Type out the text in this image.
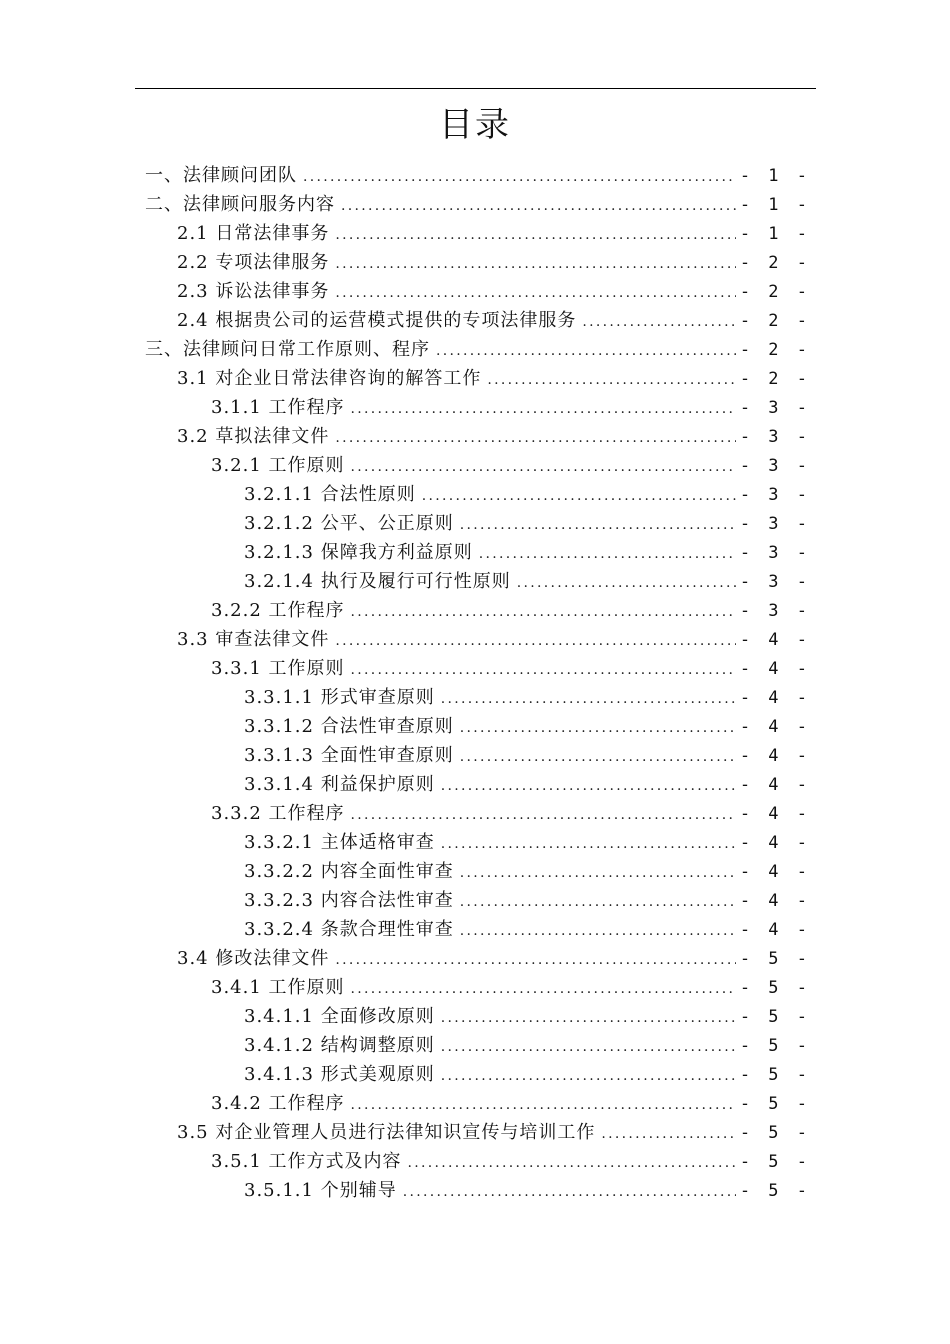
目录
一、法律顾问团队 .....	- 1 -
二、法律顾问服务内容 .....	- 1 -
2.1 日常法律事务 .....	- 1 -
2.2 专项法律服务 .....	- 2 -
2.3 诉讼法律事务 .....	- 2 -
2.4 根据贵公司的运营模式提供的专项法律服务 .....	- 2 -
三、法律顾问日常工作原则、程序 .....	- 2 -
3.1 对企业日常法律咨询的解答工作 .....	- 2 -
3.1.1 工作程序 .....	- 3 -
3.2 草拟法律文件 .....	- 3 -
3.2.1 工作原则 .....	- 3 -
3.2.1.1 合法性原则 .....	- 3 -
3.2.1.2 公平、公正原则 .....	- 3 -
3.2.1.3 保障我方利益原则 .....	- 3 -
3.2.1.4 执行及履行可行性原则 .....	- 3 -
3.2.2 工作程序 .....	- 3 -
3.3 审查法律文件 .....	- 4 -
3.3.1 工作原则 .....	- 4 -
3.3.1.1 形式审查原则 .....	- 4 -
3.3.1.2 合法性审查原则 .....	- 4 -
3.3.1.3 全面性审查原则 .....	- 4 -
3.3.1.4 利益保护原则 .....	- 4 -
3.3.2 工作程序 .....	- 4 -
3.3.2.1 主体适格审查 .....	- 4 -
3.3.2.2 内容全面性审查 .....	- 4 -
3.3.2.3 内容合法性审查 .....	- 4 -
3.3.2.4 条款合理性审查 .....	- 4 -
3.4 修改法律文件 .....	- 5 -
3.4.1 工作原则 .....	- 5 -
3.4.1.1 全面修改原则 .....	- 5 -
3.4.1.2 结构调整原则 .....	- 5 -
3.4.1.3 形式美观原则 .....	- 5 -
3.4.2 工作程序 .....	- 5 -
3.5 对企业管理人员进行法律知识宣传与培训工作 .....	- 5 -
3.5.1 工作方式及内容 .....	- 5 -
3.5.1.1 个别辅导 .....	- 5 -
